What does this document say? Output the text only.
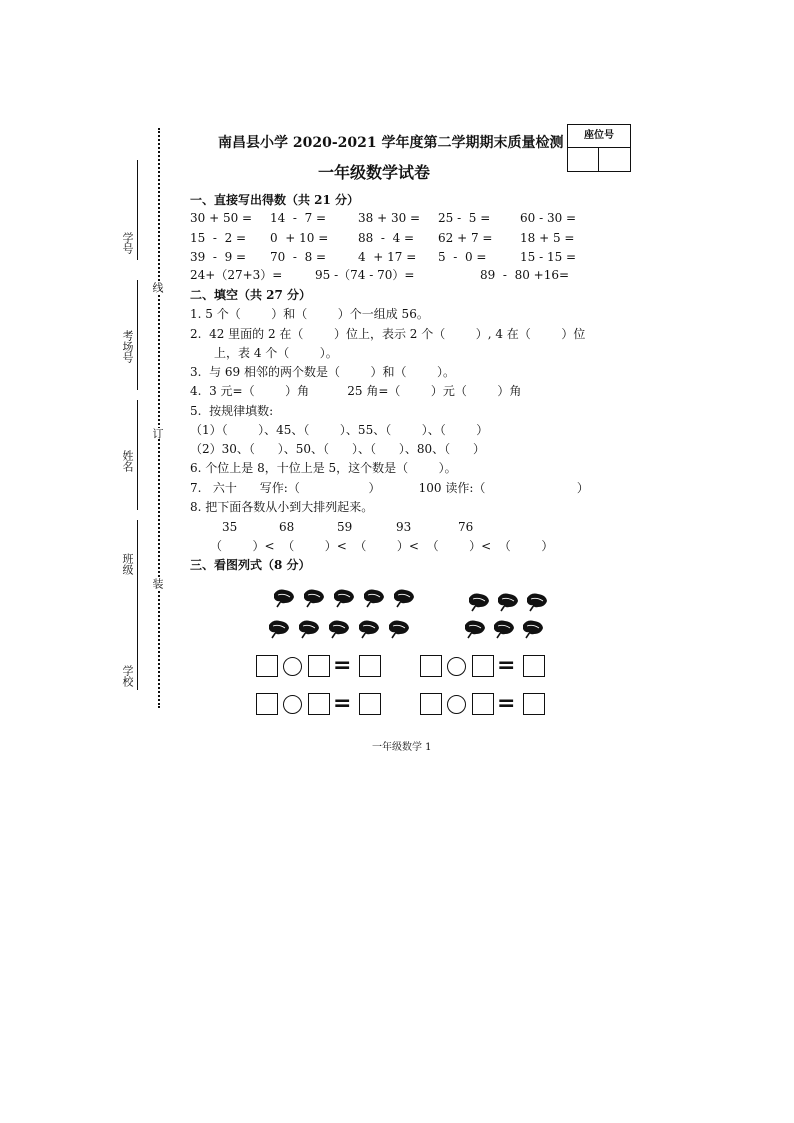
座位号
学号
考场号
姓名
班级
学校
线
订
装
南昌县小学 2020-2021 学年度第二学期期末质量检测
一年级数学试卷
一、直接写出得数（共 21 分）
30 + 50 = 14  -  7 =	38 + 30 = 25 -  5 = 60 - 30 =
15  -  2 = 0  + 10 = 88  -  4 = 62 + 7 = 18 + 5 =
39  -  9 = 70  -  8 =	4  + 17 = 5  -  0 =	15 - 15 =
24+（27+3）=	95 -（74 - 70）=	89  -  80 +16=
二、填空（共 27 分）
1. 5 个（        ）和（        ）个一组成 56。
2.  42 里面的 2 在（        ）位上，表示 2 个（        ）, 4 在（        ）位
上，表 4 个（        ）。
3.  与 69 相邻的两个数是（        ）和（        ）。
4.  3 元=（        ）角          25 角=（        ）元（        ）角
5.  按规律填数:
（1）（        ）、45、（        ）、55、（        ）、（        ）
（2）30、（      ）、50、（      ）、（      ）、80、（      ）
6. 个位上是 8，十位上是 5，这个数是（        ）。
7.   六十      写作:（                  ）          100 读作:（                        ）
8. 把下面各数从小到大排列起来。
35	68	59	93	76
（        ）<  （        ）<  （        ）<  （        ）<  （        ）
三、看图列式（8 分）
=	=
=	=
一年级数学 1
